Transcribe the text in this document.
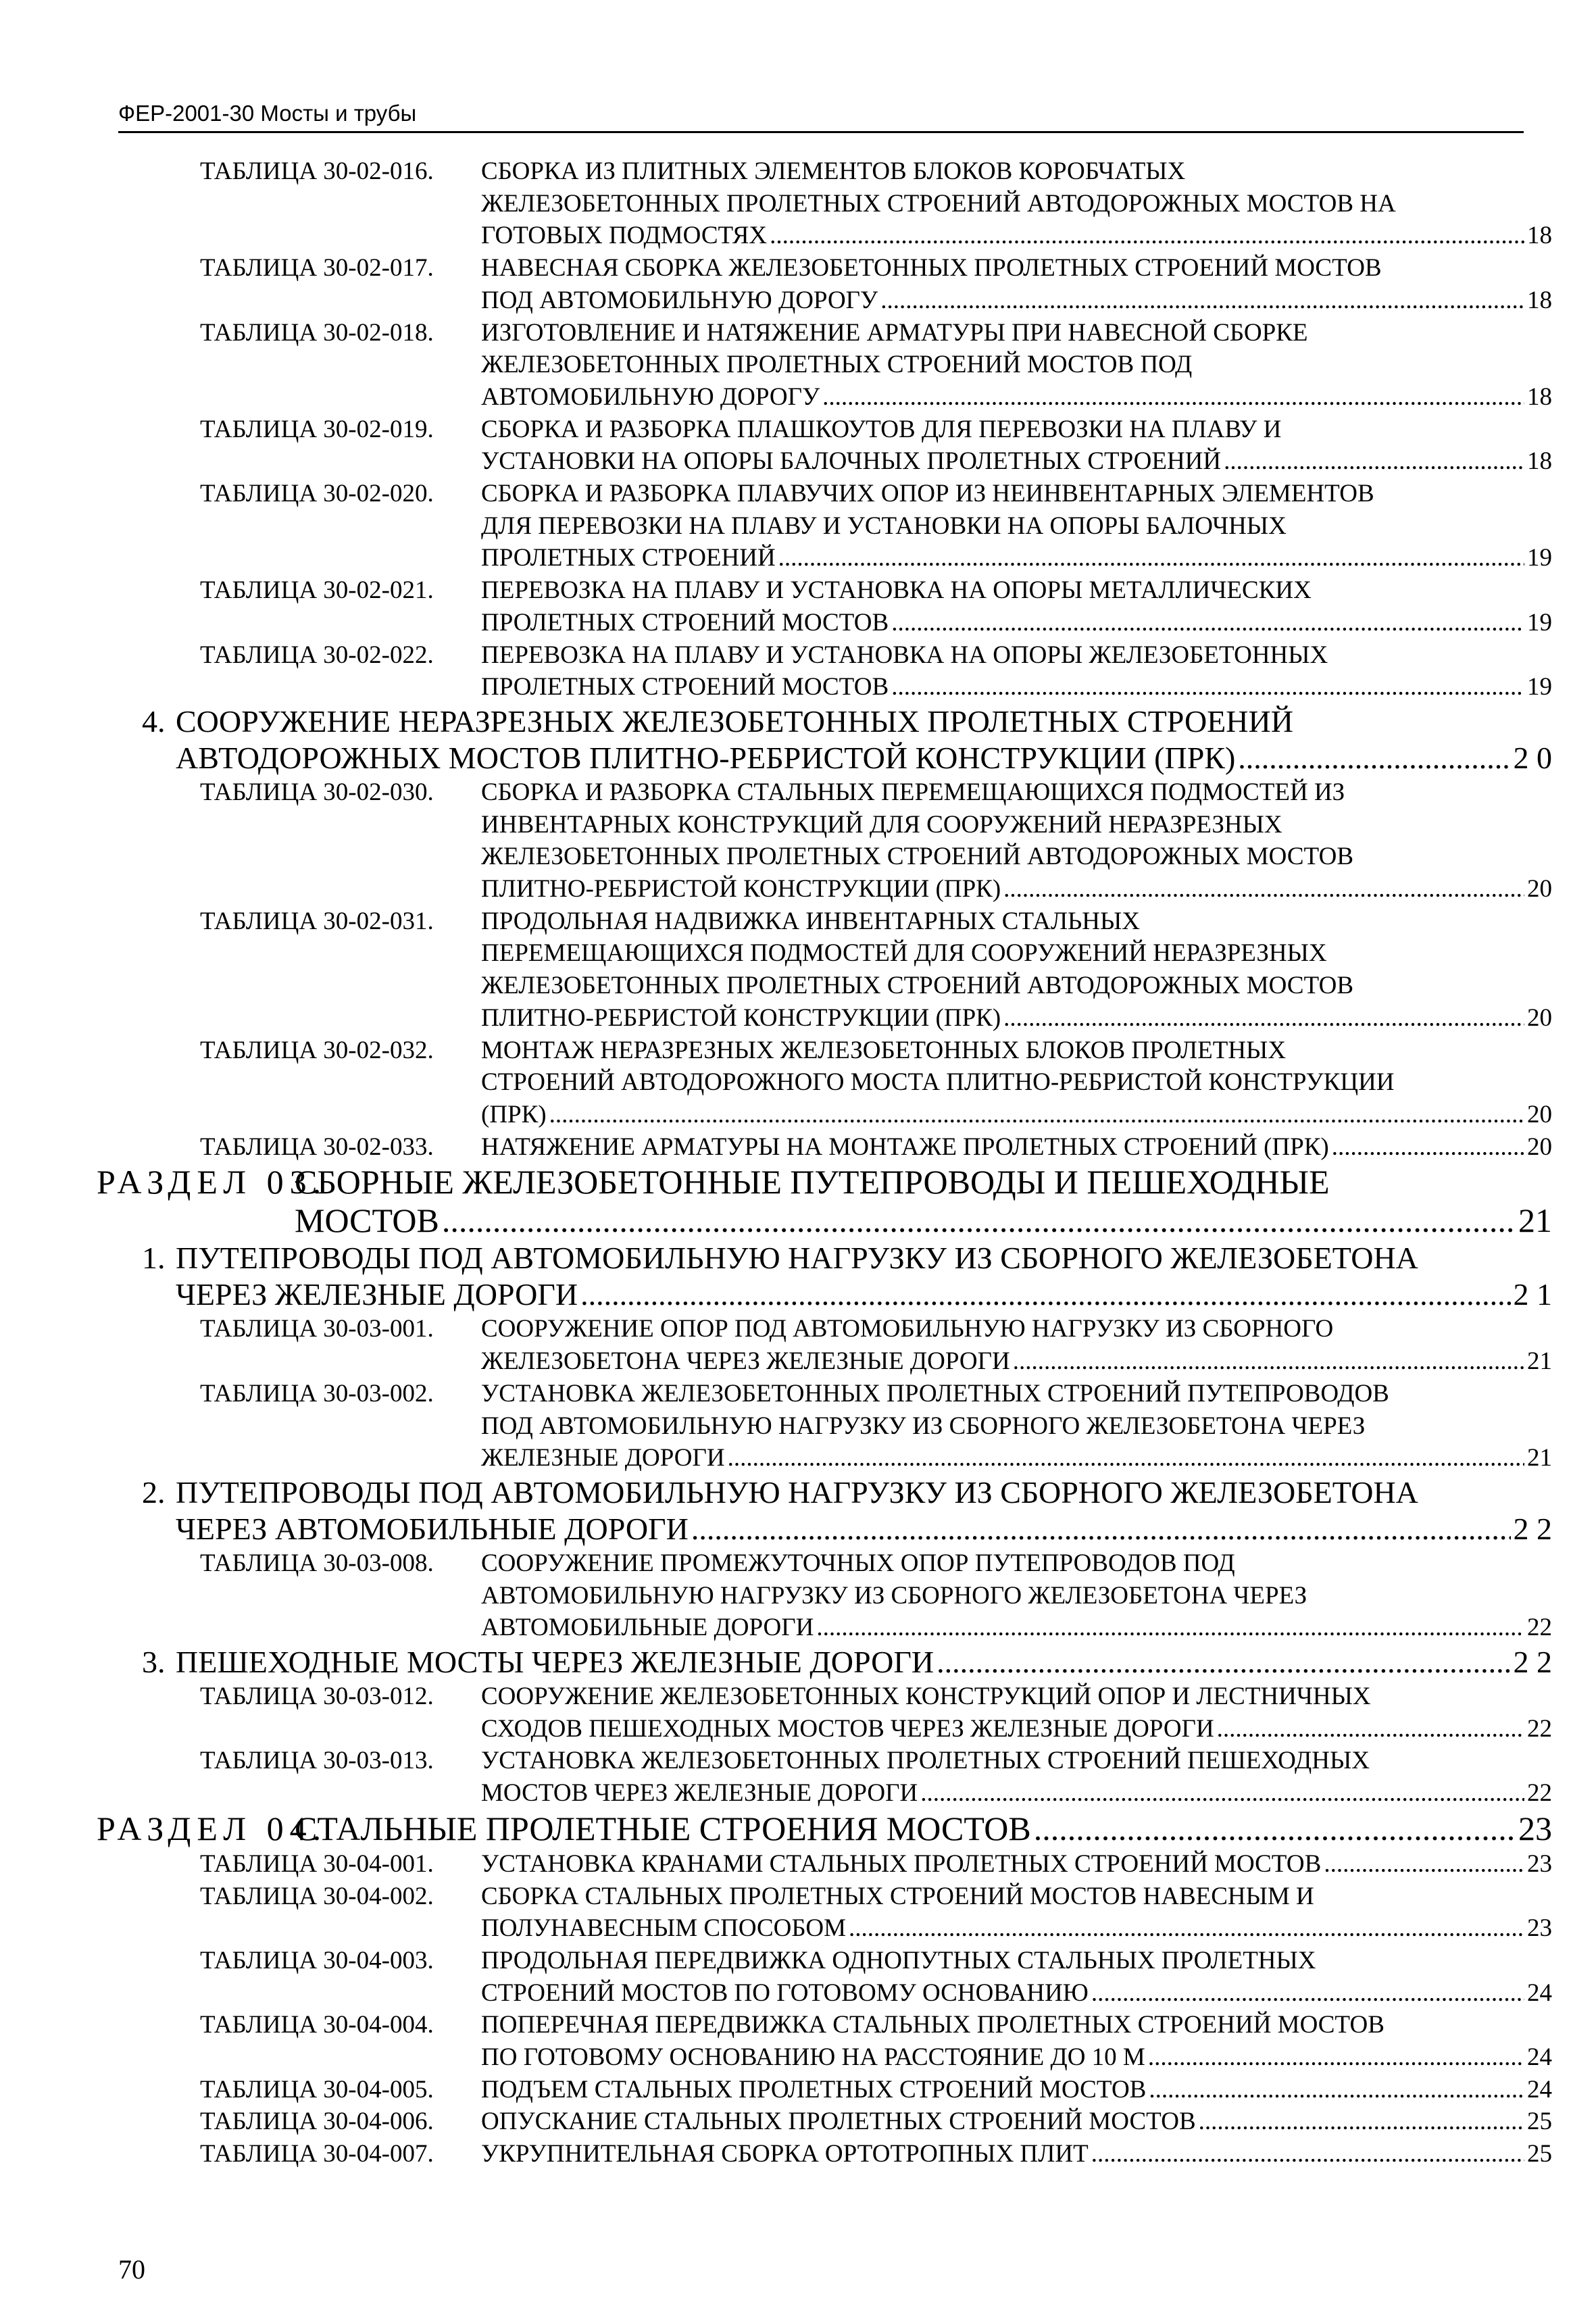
ФЕР-2001-30 Мосты и трубы
ТАБЛИЦА 30-02-016. СБОРКА ИЗ ПЛИТНЫХ ЭЛЕМЕНТОВ БЛОКОВ КОРОБЧАТЫХ
ЖЕЛЕЗОБЕТОННЫХ ПРОЛЕТНЫХ СТРОЕНИЙ АВТОДОРОЖНЫХ МОСТОВ НА
ГОТОВЫХ ПОДМОСТЯХ .....	18
ТАБЛИЦА 30-02-017. НАВЕСНАЯ СБОРКА ЖЕЛЕЗОБЕТОННЫХ ПРОЛЕТНЫХ СТРОЕНИЙ МОСТОВ
ПОД АВТОМОБИЛЬНУЮ ДОРОГУ .....	18
ТАБЛИЦА 30-02-018. ИЗГОТОВЛЕНИЕ И НАТЯЖЕНИЕ АРМАТУРЫ ПРИ НАВЕСНОЙ СБОРКЕ
ЖЕЛЕЗОБЕТОННЫХ ПРОЛЕТНЫХ СТРОЕНИЙ МОСТОВ ПОД
АВТОМОБИЛЬНУЮ ДОРОГУ .....	18
ТАБЛИЦА 30-02-019. СБОРКА И РАЗБОРКА ПЛАШКОУТОВ ДЛЯ ПЕРЕВОЗКИ НА ПЛАВУ И
УСТАНОВКИ НА ОПОРЫ БАЛОЧНЫХ ПРОЛЕТНЫХ СТРОЕНИЙ .....	18
ТАБЛИЦА 30-02-020. СБОРКА И РАЗБОРКА ПЛАВУЧИХ ОПОР ИЗ НЕИНВЕНТАРНЫХ ЭЛЕМЕНТОВ
ДЛЯ ПЕРЕВОЗКИ НА ПЛАВУ И УСТАНОВКИ НА ОПОРЫ БАЛОЧНЫХ
ПРОЛЕТНЫХ СТРОЕНИЙ .....	19
ТАБЛИЦА 30-02-021. ПЕРЕВОЗКА НА ПЛАВУ И УСТАНОВКА НА ОПОРЫ МЕТАЛЛИЧЕСКИХ
ПРОЛЕТНЫХ СТРОЕНИЙ МОСТОВ .....	19
ТАБЛИЦА 30-02-022. ПЕРЕВОЗКА НА ПЛАВУ И УСТАНОВКА НА ОПОРЫ ЖЕЛЕЗОБЕТОННЫХ
ПРОЛЕТНЫХ СТРОЕНИЙ МОСТОВ .....	19
4. СООРУЖЕНИЕ НЕРАЗРЕЗНЫХ ЖЕЛЕЗОБЕТОННЫХ ПРОЛЕТНЫХ СТРОЕНИЙ
АВТОДОРОЖНЫХ МОСТОВ ПЛИТНО-РЕБРИСТОЙ КОНСТРУКЦИИ (ПРК) .....	2 0
ТАБЛИЦА 30-02-030. СБОРКА И РАЗБОРКА СТАЛЬНЫХ ПЕРЕМЕЩАЮЩИХСЯ ПОДМОСТЕЙ ИЗ
ИНВЕНТАРНЫХ КОНСТРУКЦИЙ ДЛЯ СООРУЖЕНИЙ НЕРАЗРЕЗНЫХ
ЖЕЛЕЗОБЕТОННЫХ ПРОЛЕТНЫХ СТРОЕНИЙ АВТОДОРОЖНЫХ МОСТОВ
ПЛИТНО-РЕБРИСТОЙ КОНСТРУКЦИИ (ПРК) .....	20
ТАБЛИЦА 30-02-031. ПРОДОЛЬНАЯ НАДВИЖКА ИНВЕНТАРНЫХ СТАЛЬНЫХ
ПЕРЕМЕЩАЮЩИХСЯ ПОДМОСТЕЙ ДЛЯ СООРУЖЕНИЙ НЕРАЗРЕЗНЫХ
ЖЕЛЕЗОБЕТОННЫХ ПРОЛЕТНЫХ СТРОЕНИЙ АВТОДОРОЖНЫХ МОСТОВ
ПЛИТНО-РЕБРИСТОЙ КОНСТРУКЦИИ (ПРК) .....	20
ТАБЛИЦА 30-02-032. МОНТАЖ НЕРАЗРЕЗНЫХ ЖЕЛЕЗОБЕТОННЫХ БЛОКОВ ПРОЛЕТНЫХ
СТРОЕНИЙ АВТОДОРОЖНОГО МОСТА ПЛИТНО-РЕБРИСТОЙ КОНСТРУКЦИИ
(ПРК) .....	20
ТАБЛИЦА 30-02-033. НАТЯЖЕНИЕ АРМАТУРЫ НА МОНТАЖЕ ПРОЛЕТНЫХ СТРОЕНИЙ (ПРК) .....	20
РАЗДЕЛ 03.
СБОРНЫЕ ЖЕЛЕЗОБЕТОННЫЕ ПУТЕПРОВОДЫ И ПЕШЕХОДНЫЕ
МОСТОВ .....	21
1. ПУТЕПРОВОДЫ ПОД АВТОМОБИЛЬНУЮ НАГРУЗКУ ИЗ СБОРНОГО ЖЕЛЕЗОБЕТОНА
ЧЕРЕЗ ЖЕЛЕЗНЫЕ ДОРОГИ .....	2 1
ТАБЛИЦА 30-03-001. СООРУЖЕНИЕ ОПОР ПОД АВТОМОБИЛЬНУЮ НАГРУЗКУ ИЗ СБОРНОГО
ЖЕЛЕЗОБЕТОНА ЧЕРЕЗ ЖЕЛЕЗНЫЕ ДОРОГИ .....	21
ТАБЛИЦА 30-03-002. УСТАНОВКА ЖЕЛЕЗОБЕТОННЫХ ПРОЛЕТНЫХ СТРОЕНИЙ ПУТЕПРОВОДОВ
ПОД АВТОМОБИЛЬНУЮ НАГРУЗКУ ИЗ СБОРНОГО ЖЕЛЕЗОБЕТОНА ЧЕРЕЗ
ЖЕЛЕЗНЫЕ ДОРОГИ .....	21
2. ПУТЕПРОВОДЫ ПОД АВТОМОБИЛЬНУЮ НАГРУЗКУ ИЗ СБОРНОГО ЖЕЛЕЗОБЕТОНА
ЧЕРЕЗ АВТОМОБИЛЬНЫЕ ДОРОГИ .....	2 2
ТАБЛИЦА 30-03-008. СООРУЖЕНИЕ ПРОМЕЖУТОЧНЫХ ОПОР ПУТЕПРОВОДОВ ПОД
АВТОМОБИЛЬНУЮ НАГРУЗКУ ИЗ СБОРНОГО ЖЕЛЕЗОБЕТОНА ЧЕРЕЗ
АВТОМОБИЛЬНЫЕ ДОРОГИ .....	22
3. ПЕШЕХОДНЫЕ МОСТЫ ЧЕРЕЗ ЖЕЛЕЗНЫЕ ДОРОГИ .....	2 2
ТАБЛИЦА 30-03-012. СООРУЖЕНИЕ ЖЕЛЕЗОБЕТОННЫХ КОНСТРУКЦИЙ ОПОР И ЛЕСТНИЧНЫХ
СХОДОВ ПЕШЕХОДНЫХ МОСТОВ ЧЕРЕЗ ЖЕЛЕЗНЫЕ ДОРОГИ .....	22
ТАБЛИЦА 30-03-013. УСТАНОВКА ЖЕЛЕЗОБЕТОННЫХ ПРОЛЕТНЫХ СТРОЕНИЙ ПЕШЕХОДНЫХ
МОСТОВ ЧЕРЕЗ ЖЕЛЕЗНЫЕ ДОРОГИ .....	22
РАЗДЕЛ 04.
СТАЛЬНЫЕ ПРОЛЕТНЫЕ СТРОЕНИЯ МОСТОВ .....	23
ТАБЛИЦА 30-04-001. УСТАНОВКА КРАНАМИ СТАЛЬНЫХ ПРОЛЕТНЫХ СТРОЕНИЙ МОСТОВ .....	23
ТАБЛИЦА 30-04-002. СБОРКА СТАЛЬНЫХ ПРОЛЕТНЫХ СТРОЕНИЙ МОСТОВ НАВЕСНЫМ И
ПОЛУНАВЕСНЫМ СПОСОБОМ .....	23
ТАБЛИЦА 30-04-003. ПРОДОЛЬНАЯ ПЕРЕДВИЖКА ОДНОПУТНЫХ СТАЛЬНЫХ ПРОЛЕТНЫХ
СТРОЕНИЙ МОСТОВ ПО ГОТОВОМУ ОСНОВАНИЮ .....	24
ТАБЛИЦА 30-04-004. ПОПЕРЕЧНАЯ ПЕРЕДВИЖКА СТАЛЬНЫХ ПРОЛЕТНЫХ СТРОЕНИЙ МОСТОВ
ПО ГОТОВОМУ ОСНОВАНИЮ НА РАССТОЯНИЕ ДО 10 М .....	24
ТАБЛИЦА 30-04-005. ПОДЪЕМ СТАЛЬНЫХ ПРОЛЕТНЫХ СТРОЕНИЙ МОСТОВ .....	24
ТАБЛИЦА 30-04-006. ОПУСКАНИЕ СТАЛЬНЫХ ПРОЛЕТНЫХ СТРОЕНИЙ МОСТОВ .....	25
ТАБЛИЦА 30-04-007. УКРУПНИТЕЛЬНАЯ СБОРКА ОРТОТРОПНЫХ ПЛИТ .....	25
70
